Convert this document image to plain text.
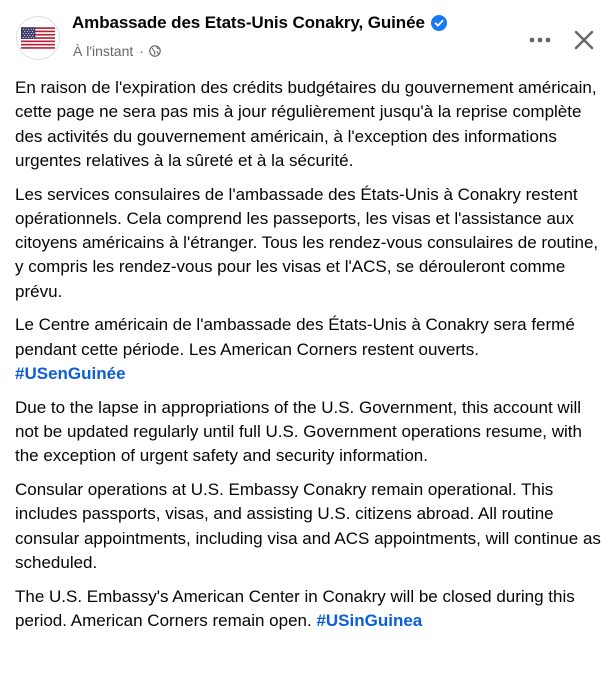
Ambassade des Etats-Unis Conakry, Guinée
À l'instant ·

En raison de l'expiration des crédits budgétaires du gouvernement américain, cette page ne sera pas mis à jour régulièrement jusqu'à la reprise complète des activités du gouvernement américain, à l'exception des informations urgentes relatives à la sûreté et à la sécurité.

Les services consulaires de l'ambassade des États-Unis à Conakry restent opérationnels. Cela comprend les passeports, les visas et l'assistance aux citoyens américains à l'étranger. Tous les rendez-vous consulaires de routine, y compris les rendez-vous pour les visas et l'ACS, se dérouleront comme prévu.

Le Centre américain de l'ambassade des États-Unis à Conakry sera fermé pendant cette période. Les American Corners restent ouverts.
#USenGuinée

Due to the lapse in appropriations of the U.S. Government, this account will not be updated regularly until full U.S. Government operations resume, with the exception of urgent safety and security information.

Consular operations at U.S. Embassy Conakry remain operational. This includes passports, visas, and assisting U.S. citizens abroad. All routine consular appointments, including visa and ACS appointments, will continue as scheduled.

The U.S. Embassy's American Center in Conakry will be closed during this period. American Corners remain open. #USinGuinea
